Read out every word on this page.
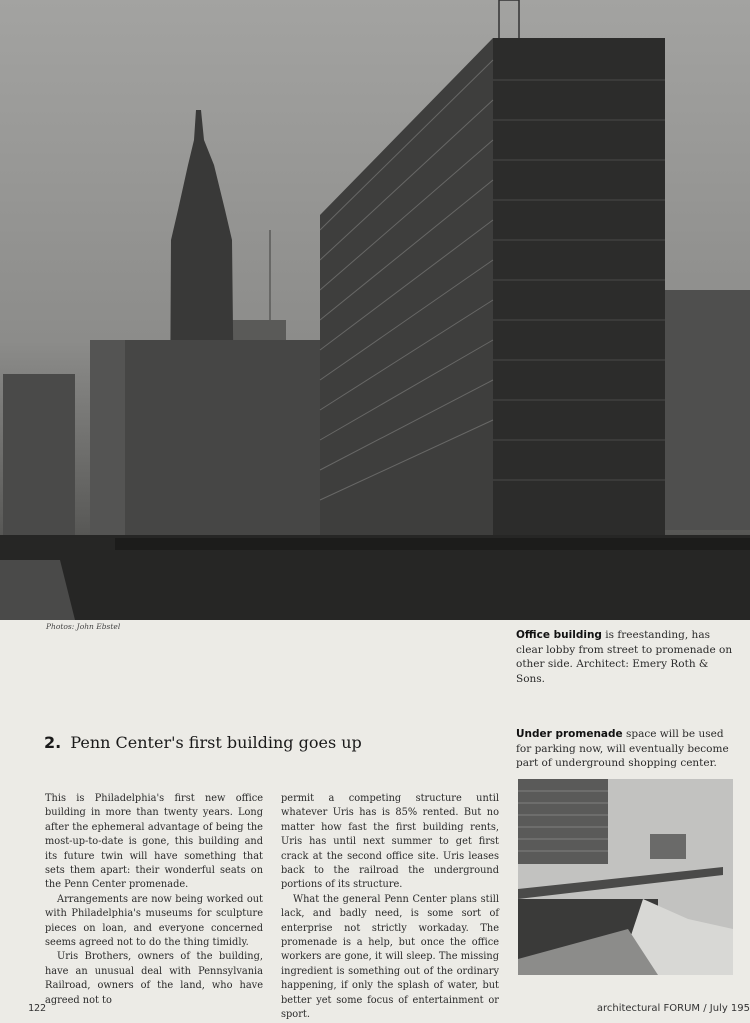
Photos: John Ebstel
Office building is freestanding, has clear lobby from street to promenade on other side. Architect: Emery Roth & Sons.
Under promenade space will be used for parking now, will eventually become part of underground shopping center.
2. Penn Center's first building goes up

This is Philadelphia's first new office building in more than twenty years. Long after the ephemeral advantage of being the most-up-to-date is gone, this building and its future twin will have something that sets them apart: their wonderful seats on the Penn Center promenade.

Arrangements are now being worked out with Philadelphia's museums for sculpture pieces on loan, and everyone concerned seems agreed not to do the thing timidly.

Uris Brothers, owners of the building, have an unusual deal with Pennsylvania Railroad, owners of the land, who have agreed not to

permit a competing structure until whatever Uris has is 85% rented. But no matter how fast the first building rents, Uris has until next summer to get first crack at the second office site. Uris leases back to the railroad the underground portions of its structure.

What the general Penn Center plans still lack, and badly need, is some sort of enterprise not strictly workaday. The promenade is a help, but once the office workers are gone, it will sleep. The missing ingredient is something out of the ordinary happening, if only the splash of water, but better yet some focus of entertainment or sport.

122	architectural FORUM / July 195
